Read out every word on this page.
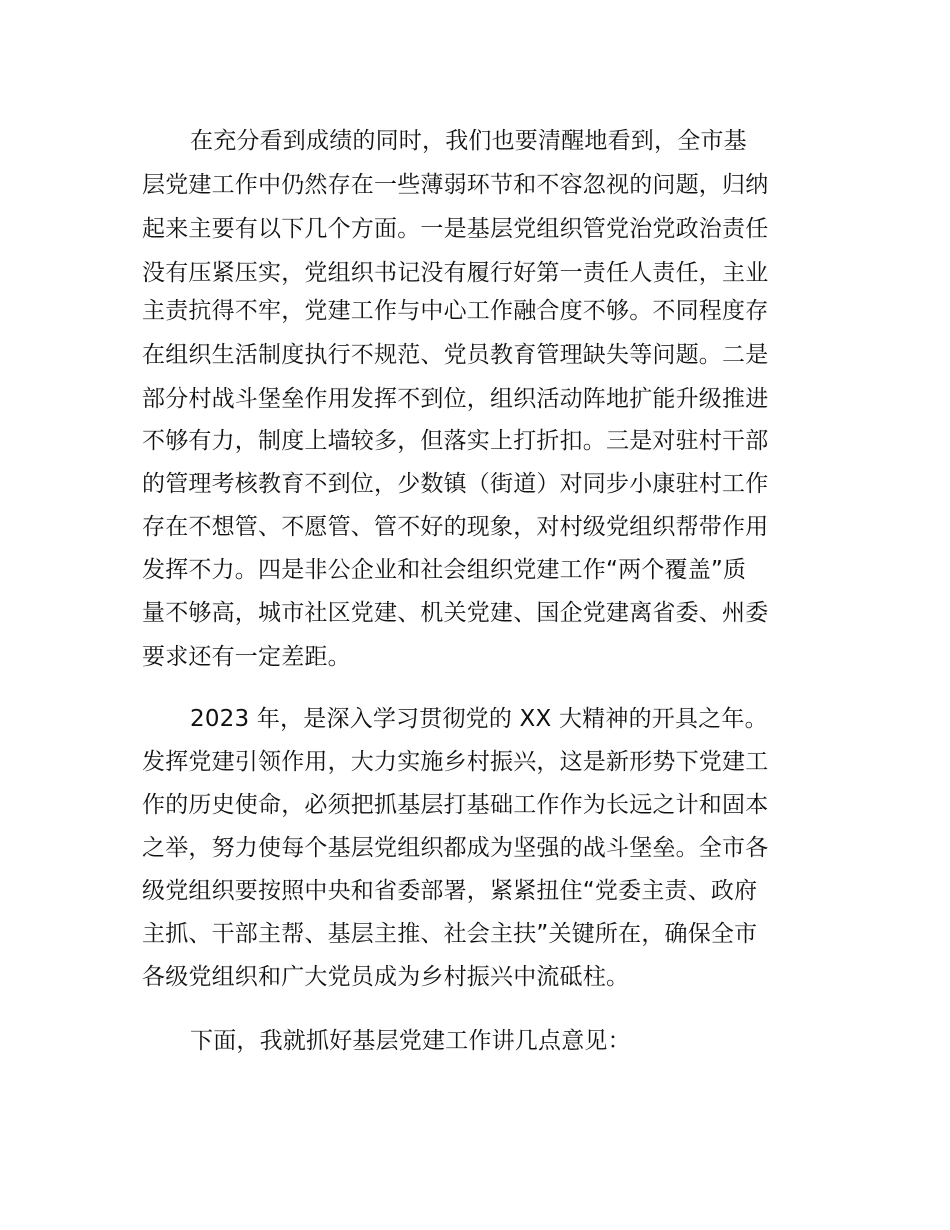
在充分看到成绩的同时，我们也要清醒地看到，全市基
层党建工作中仍然存在一些薄弱环节和不容忽视的问题，归纳
起来主要有以下几个方面。一是基层党组织管党治党政治责任
没有压紧压实，党组织书记没有履行好第一责任人责任，主业
主责抗得不牢，党建工作与中心工作融合度不够。不同程度存
在组织生活制度执行不规范、党员教育管理缺失等问题。二是
部分村战斗堡垒作用发挥不到位，组织活动阵地扩能升级推进
不够有力，制度上墙较多，但落实上打折扣。三是对驻村干部
的管理考核教育不到位，少数镇（街道）对同步小康驻村工作
存在不想管、不愿管、管不好的现象，对村级党组织帮带作用
发挥不力。四是非公企业和社会组织党建工作“两个覆盖”质
量不够高，城市社区党建、机关党建、国企党建离省委、州委
要求还有一定差距。
2023 年，是深入学习贯彻党的 XX 大精神的开具之年。
发挥党建引领作用，大力实施乡村振兴，这是新形势下党建工
作的历史使命，必须把抓基层打基础工作作为长远之计和固本
之举，努力使每个基层党组织都成为坚强的战斗堡垒。全市各
级党组织要按照中央和省委部署，紧紧扭住“党委主责、政府
主抓、干部主帮、基层主推、社会主扶”关键所在，确保全市
各级党组织和广大党员成为乡村振兴中流砥柱。
下面，我就抓好基层党建工作讲几点意见：
